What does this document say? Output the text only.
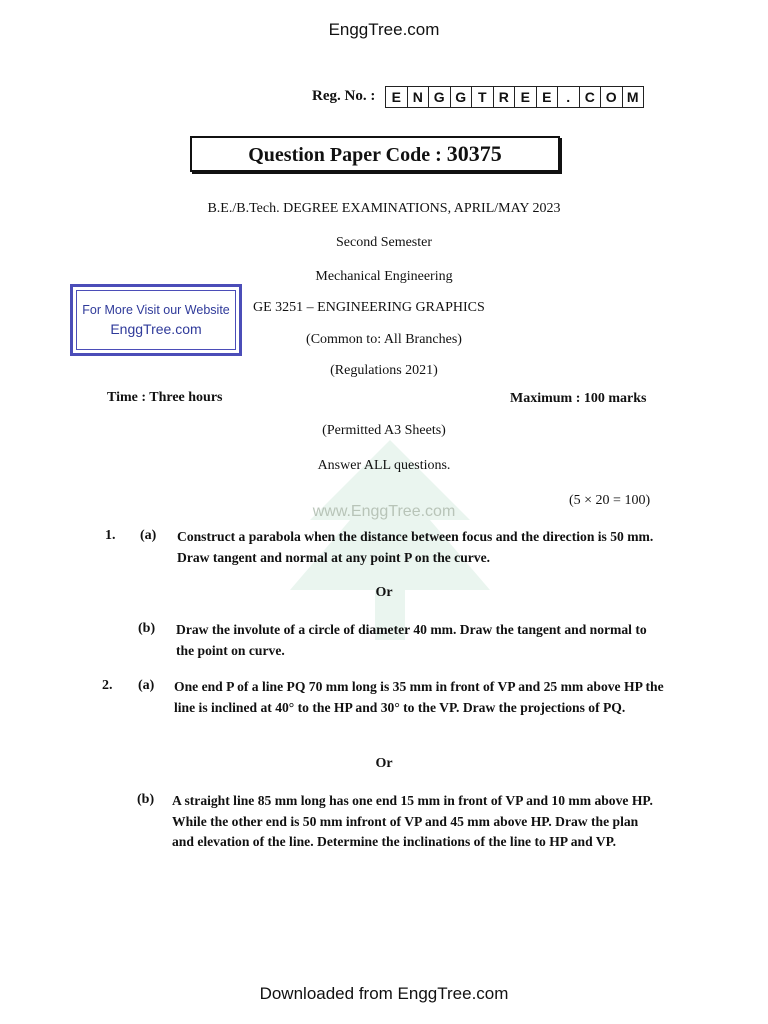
www.EnggTree.com
EnggTree.com
Reg. No. :	E N G G T R E E	.	C O M
Question Paper Code : 30375
B.E./B.Tech. DEGREE EXAMINATIONS, APRIL/MAY 2023
Second Semester
Mechanical Engineering
For More Visit our Website
EnggTree.com
GE 3251 – ENGINEERING GRAPHICS
(Common to: All Branches)
(Regulations 2021)
Time : Three hours	Maximum : 100 marks
(Permitted A3 Sheets)
Answer ALL questions.
(5 × 20 = 100)
1. (a) Construct a parabola when the distance between focus and the direction is 50 mm. Draw tangent and normal at any point P on the curve.
Or
(b) Draw the involute of a circle of diameter 40 mm. Draw the tangent and normal to the point on curve.
2. (a) One end P of a line PQ 70 mm long is 35 mm in front of VP and 25 mm above HP the line is inclined at 40° to the HP and 30° to the VP. Draw the projections of PQ.
Or
(b) A straight line 85 mm long has one end 15 mm in front of VP and 10 mm above HP. While the other end is 50 mm infront of VP and 45 mm above HP. Draw the plan and elevation of the line. Determine the inclinations of the line to HP and VP.
Downloaded from EnggTree.com
